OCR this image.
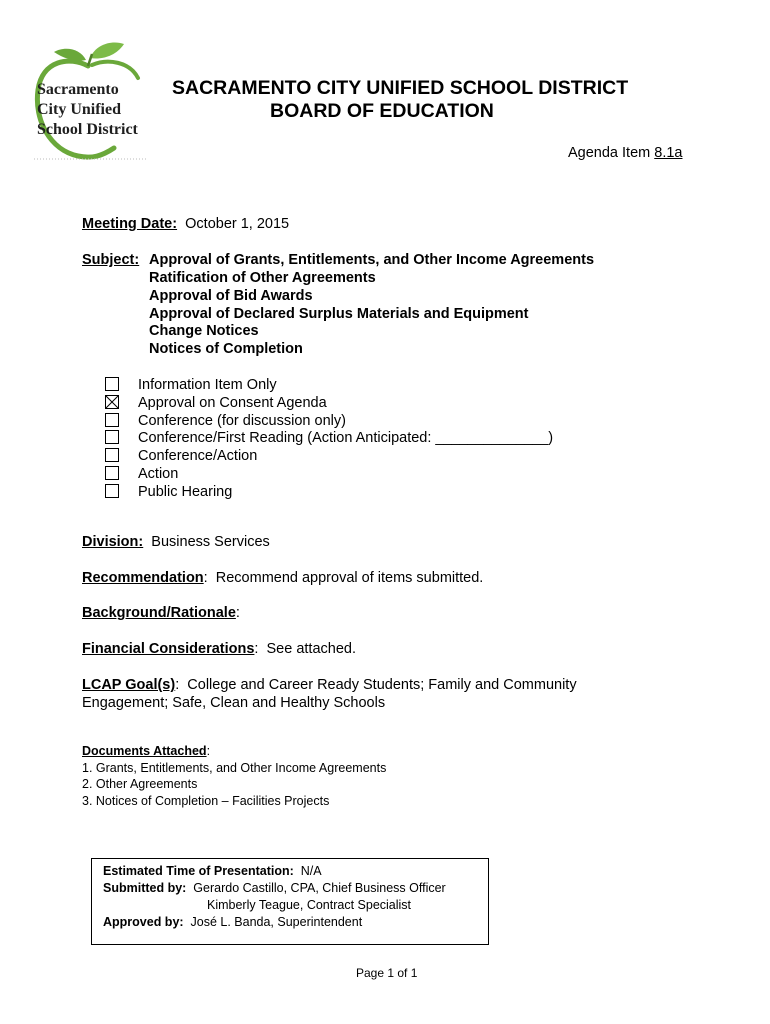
Sacramento
City Unified
School District
SACRAMENTO CITY UNIFIED SCHOOL DISTRICT
BOARD OF EDUCATION
Agenda Item 8.1a
Meeting Date: October 1, 2015
Subject: Approval of Grants, Entitlements, and Other Income Agreements
Ratification of Other Agreements
Approval of Bid Awards
Approval of Declared Surplus Materials and Equipment
Change Notices
Notices of Completion
Information Item Only
Approval on Consent Agenda
Conference (for discussion only)
Conference/First Reading (Action Anticipated: ______________)
Conference/Action
Action
Public Hearing
Division: Business Services
Recommendation:  Recommend approval of items submitted.
Background/Rationale:
Financial Considerations:  See attached.
LCAP Goal(s):  College and Career Ready Students; Family and Community
Engagement; Safe, Clean and Healthy Schools
Documents Attached:
1. Grants, Entitlements, and Other Income Agreements
2. Other Agreements
3. Notices of Completion – Facilities Projects
Estimated Time of Presentation: N/A
Submitted by: Gerardo Castillo, CPA, Chief Business Officer
Kimberly Teague, Contract Specialist
Approved by: José L. Banda, Superintendent
Page 1 of 1
